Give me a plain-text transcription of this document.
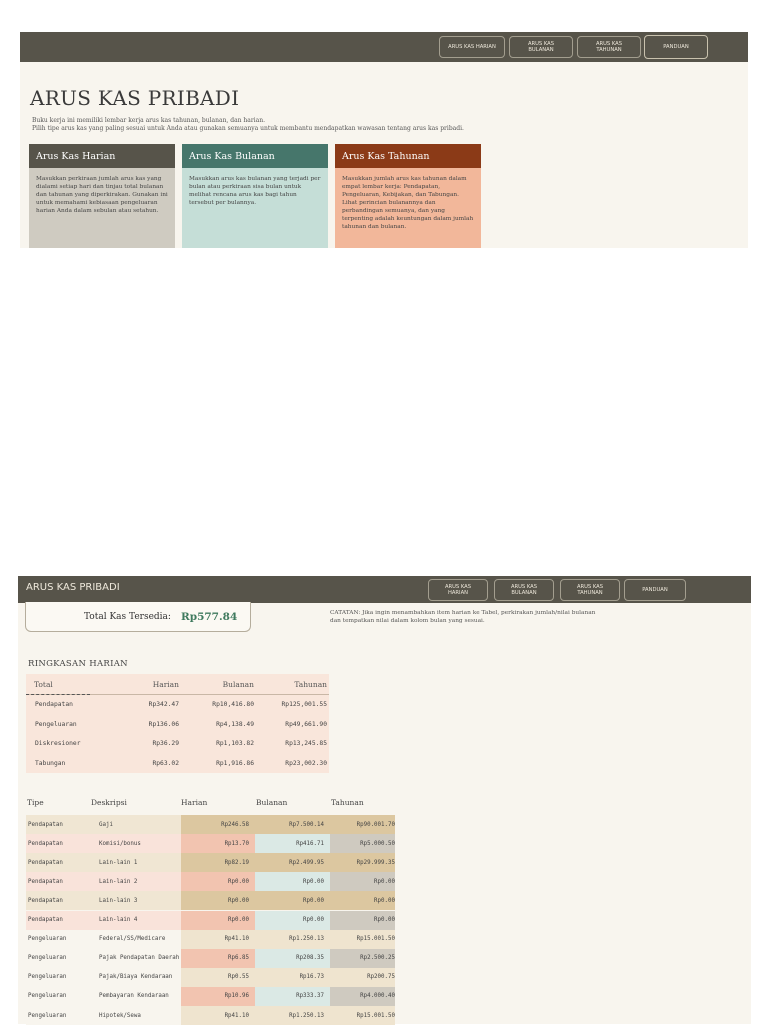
ARUS KAS HARIAN	ARUS KAS BULANAN
ARUS KAS TAHUNAN	PANDUAN
ARUS KAS PRIBADI
Buku kerja ini memiliki lembar kerja arus kas tahunan, bulanan, dan harian.
Pilih tipe arus kas yang paling sesuai untuk Anda atau gunakan semuanya untuk membantu mendapatkan wawasan tentang arus kas pribadi.
Arus Kas Harian
Masukkan perkiraan jumlah arus kas yang dialami setiap hari dan tinjau total bulanan dan tahunan yang diperkirakan. Gunakan ini untuk memahami kebiasaan pengeluaran harian Anda dalam sebulan atau setahun.
Arus Kas Bulanan
Masukkan arus kas bulanan yang terjadi per bulan atau perkiraan sisa bulan untuk melihat rencana arus kas bagi tahun tersebut per bulannya.
Arus Kas Tahunan
Masukkan jumlah arus kas tahunan dalam empat lembar kerja: Pendapatan, Pengeluaran, Kebijakan, dan Tabungan. Lihat perincian bulanannya dan perbandingan semuanya, dan yang terpenting adalah keuntungan dalam jumlah tahunan dan bulanan.
ARUS KAS PRIBADI	ARUS KAS HARIAN
ARUS KAS BULANAN
ARUS KAS TAHUNAN	PANDUAN
Total Kas Tersedia: Rp577.84	CATATAN: Jika ingin menambahkan item harian ke Tabel, perkirakan jumlah/nilai bulanan dan tempatkan nilai dalam kolom bulan yang sesuai.
RINGKASAN HARIAN
Total	Harian	Bulanan	Tahunan
Pendapatan	Rp342.47	Rp10,416.80	Rp125,001.55
Pengeluaran	Rp136.06	Rp4,138.49	Rp49,661.90
Diskresioner	Rp36.29	Rp1,103.82	Rp13,245.85
Tabungan	Rp63.02	Rp1,916.86	Rp23,002.30
Tipe	Deskripsi	Harian	Bulanan	Tahunan
Pendapatan	Gaji	Rp246.58	Rp7.500.14	Rp90.001.70
Pendapatan	Komisi/bonus	Rp13.70	Rp416.71	Rp5.000.50
Pendapatan	Lain-lain 1	Rp82.19	Rp2.499.95	Rp29.999.35
Pendapatan	Lain-lain 2	Rp0.00	Rp0.00	Rp0.00
Pendapatan	Lain-lain 3	Rp0.00	Rp0.00	Rp0.00
Pendapatan	Lain-lain 4	Rp0.00	Rp0.00	Rp0.00
Pengeluaran	Federal/SS/Medicare	Rp41.10	Rp1.250.13	Rp15.001.50
Pengeluaran	Pajak Pendapatan Daerah	Rp6.85	Rp208.35	Rp2.500.25
Pengeluaran	Pajak/Biaya Kendaraan	Rp0.55	Rp16.73	Rp200.75
Pengeluaran	Pembayaran Kendaraan	Rp10.96	Rp333.37	Rp4.000.40
Pengeluaran	Hipotek/Sewa	Rp41.10	Rp1.250.13	Rp15.001.50
